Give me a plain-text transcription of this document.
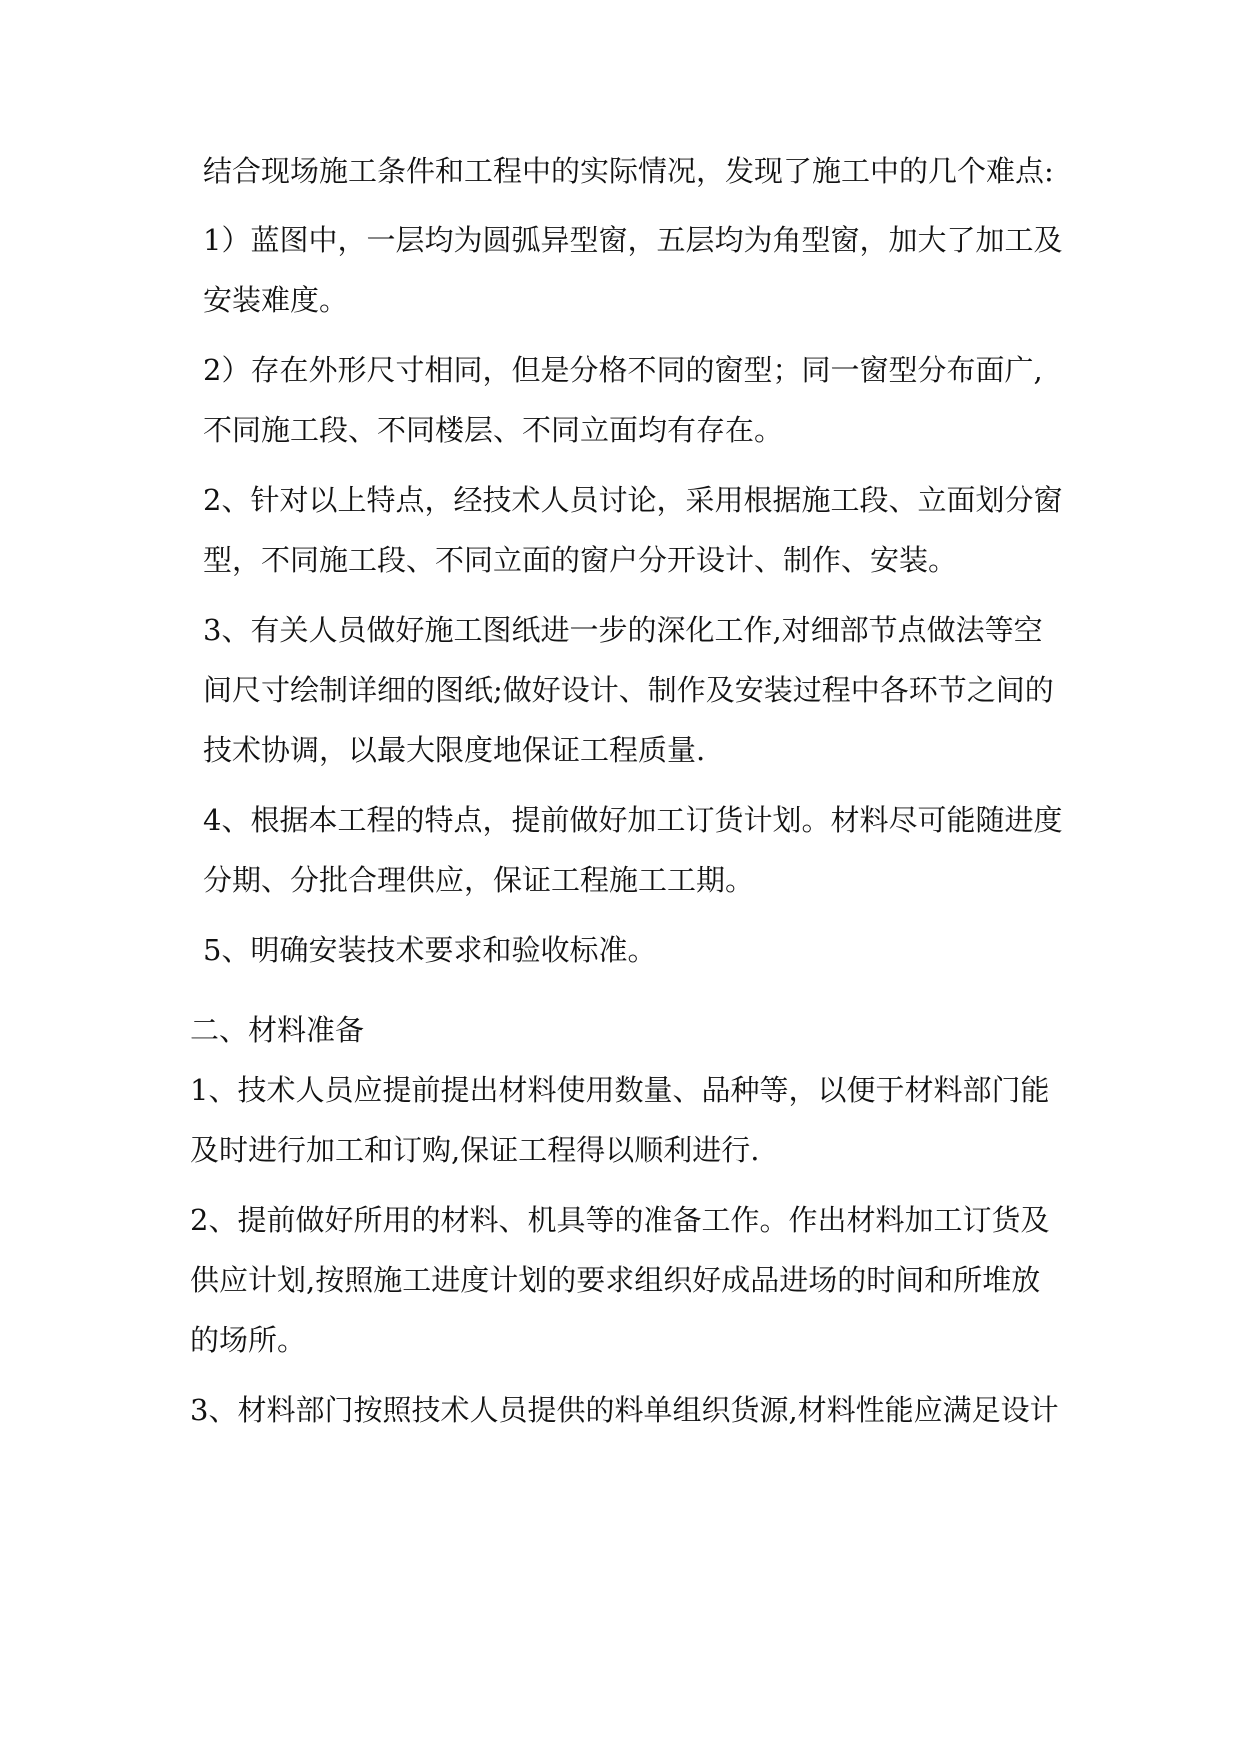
结合现场施工条件和工程中的实际情况，发现了施工中的几个难点:
1）蓝图中，一层均为圆弧异型窗，五层均为角型窗，加大了加工及
安装难度。
2）存在外形尺寸相同，但是分格不同的窗型；同一窗型分布面广,
不同施工段、不同楼层、不同立面均有存在。
2、针对以上特点，经技术人员讨论，采用根据施工段、立面划分窗
型，不同施工段、不同立面的窗户分开设计、制作、安装。
3、有关人员做好施工图纸进一步的深化工作,对细部节点做法等空
间尺寸绘制详细的图纸;做好设计、制作及安装过程中各环节之间的
技术协调，以最大限度地保证工程质量.
4、根据本工程的特点，提前做好加工订货计划。材料尽可能随进度
分期、分批合理供应，保证工程施工工期。
5、明确安装技术要求和验收标准。
二、材料准备
1、技术人员应提前提出材料使用数量、品种等，以便于材料部门能
及时进行加工和订购,保证工程得以顺利进行.
2、提前做好所用的材料、机具等的准备工作。作出材料加工订货及
供应计划,按照施工进度计划的要求组织好成品进场的时间和所堆放
的场所。
3、材料部门按照技术人员提供的料单组织货源,材料性能应满足设计
